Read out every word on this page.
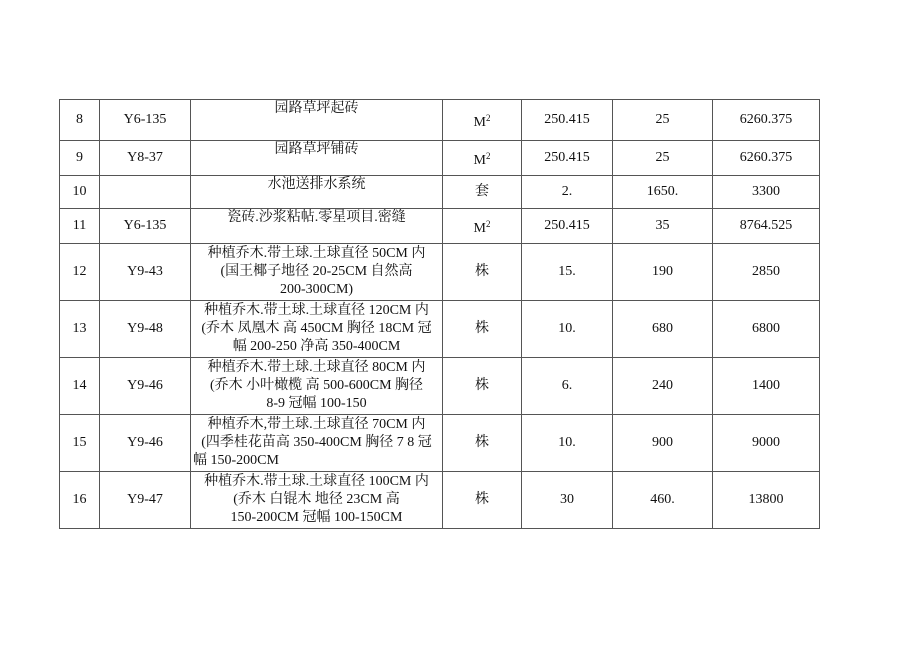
8	Y6-135	园路草坪起砖	$M^2$	250.415	25	6260.375
9	Y8-37	园路草坪铺砖	$M^2$	250.415	25	6260.375
10		水池送排水系统	套	2.	1650.	3300
11	Y6-135	瓷砖.沙浆粘帖.零星项目.密缝	$M^2$	250.415	35	8764.525
12	Y9-43	种植乔木.带土球.土球直径 50CM 内
(国王椰子地径 20-25CM 自然高
200-300CM)	株	15.	190	2850
13	Y9-48	种植乔木.带土球.土球直径 120CM 内
(乔木 凤凰木 高 450CM 胸径 18CM 冠
幅 200-250 净高 350-400CM	株	10.	680	6800
14	Y9-46	种植乔木.带土球.土球直径 80CM 内
(乔木 小叶橄榄 高 500-600CM 胸径
8-9 冠幅 100-150	株	6.	240	1400
15	Y9-46	种植乔木,带土球.土球直径 70CM 内
(四季桂花苗高 350-400CM 胸径 7 8 冠
幅 150-200CM	株	10.	900	9000
16	Y9-47	种植乔木.带土球.土球直径 100CM 内
(乔木 白锟木 地径 23CM 高
150-200CM 冠幅 100-150CM	株	30	460.	13800
